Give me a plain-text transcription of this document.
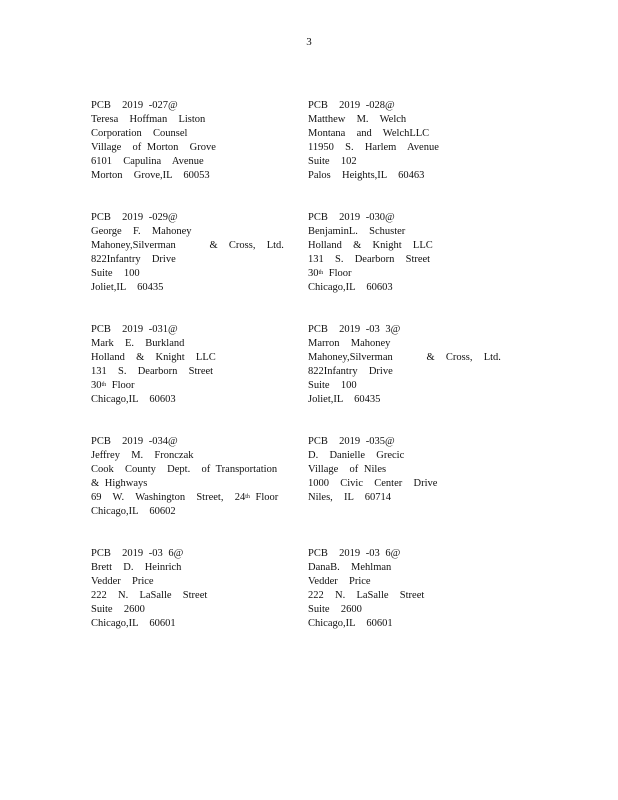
3
PCB  2019 -027@
Teresa  Hoffman  Liston
Corporation  Counsel
Village  of Morton  Grove
6101  Capulina  Avenue
Morton  Grove,IL  60053
PCB  2019 -028@
Matthew  M.  Welch
Montana  and  WelchLLC
11950  S.  Harlem  Avenue
Suite  102
Palos  Heights,IL  60463
PCB  2019 -029@
George  F.  Mahoney
Mahoney,Silverman      &  Cross,  Ltd.
822Infantry  Drive
Suite  100
Joliet,IL  60435
PCB  2019 -030@
BenjaminL.  Schuster
Holland  &  Knight  LLC
131  S.  Dearborn  Street
30th Floor
Chicago,IL  60603
PCB  2019 -031@
Mark  E.  Burkland
Holland  &  Knight  LLC
131  S.  Dearborn  Street
30th Floor
Chicago,IL  60603
PCB  2019 -03 3@
Marron  Mahoney
Mahoney,Silverman      &  Cross,  Ltd.
822Infantry  Drive
Suite  100
Joliet,IL  60435
PCB  2019 -034@
Jeffrey  M.  Fronczak
Cook  County  Dept.  of Transportation
& Highways
69  W.  Washington  Street,  24th Floor
Chicago,IL  60602
PCB  2019 -035@
D.  Danielle  Grecic
Village  of Niles
1000  Civic  Center  Drive
Niles,  IL  60714
PCB  2019 -03 6@
Brett  D.  Heinrich
Vedder  Price
222  N.  LaSalle  Street
Suite  2600
Chicago,IL  60601
PCB  2019 -03 6@
DanaB.  Mehlman
Vedder  Price
222  N.  LaSalle  Street
Suite  2600
Chicago,IL  60601
